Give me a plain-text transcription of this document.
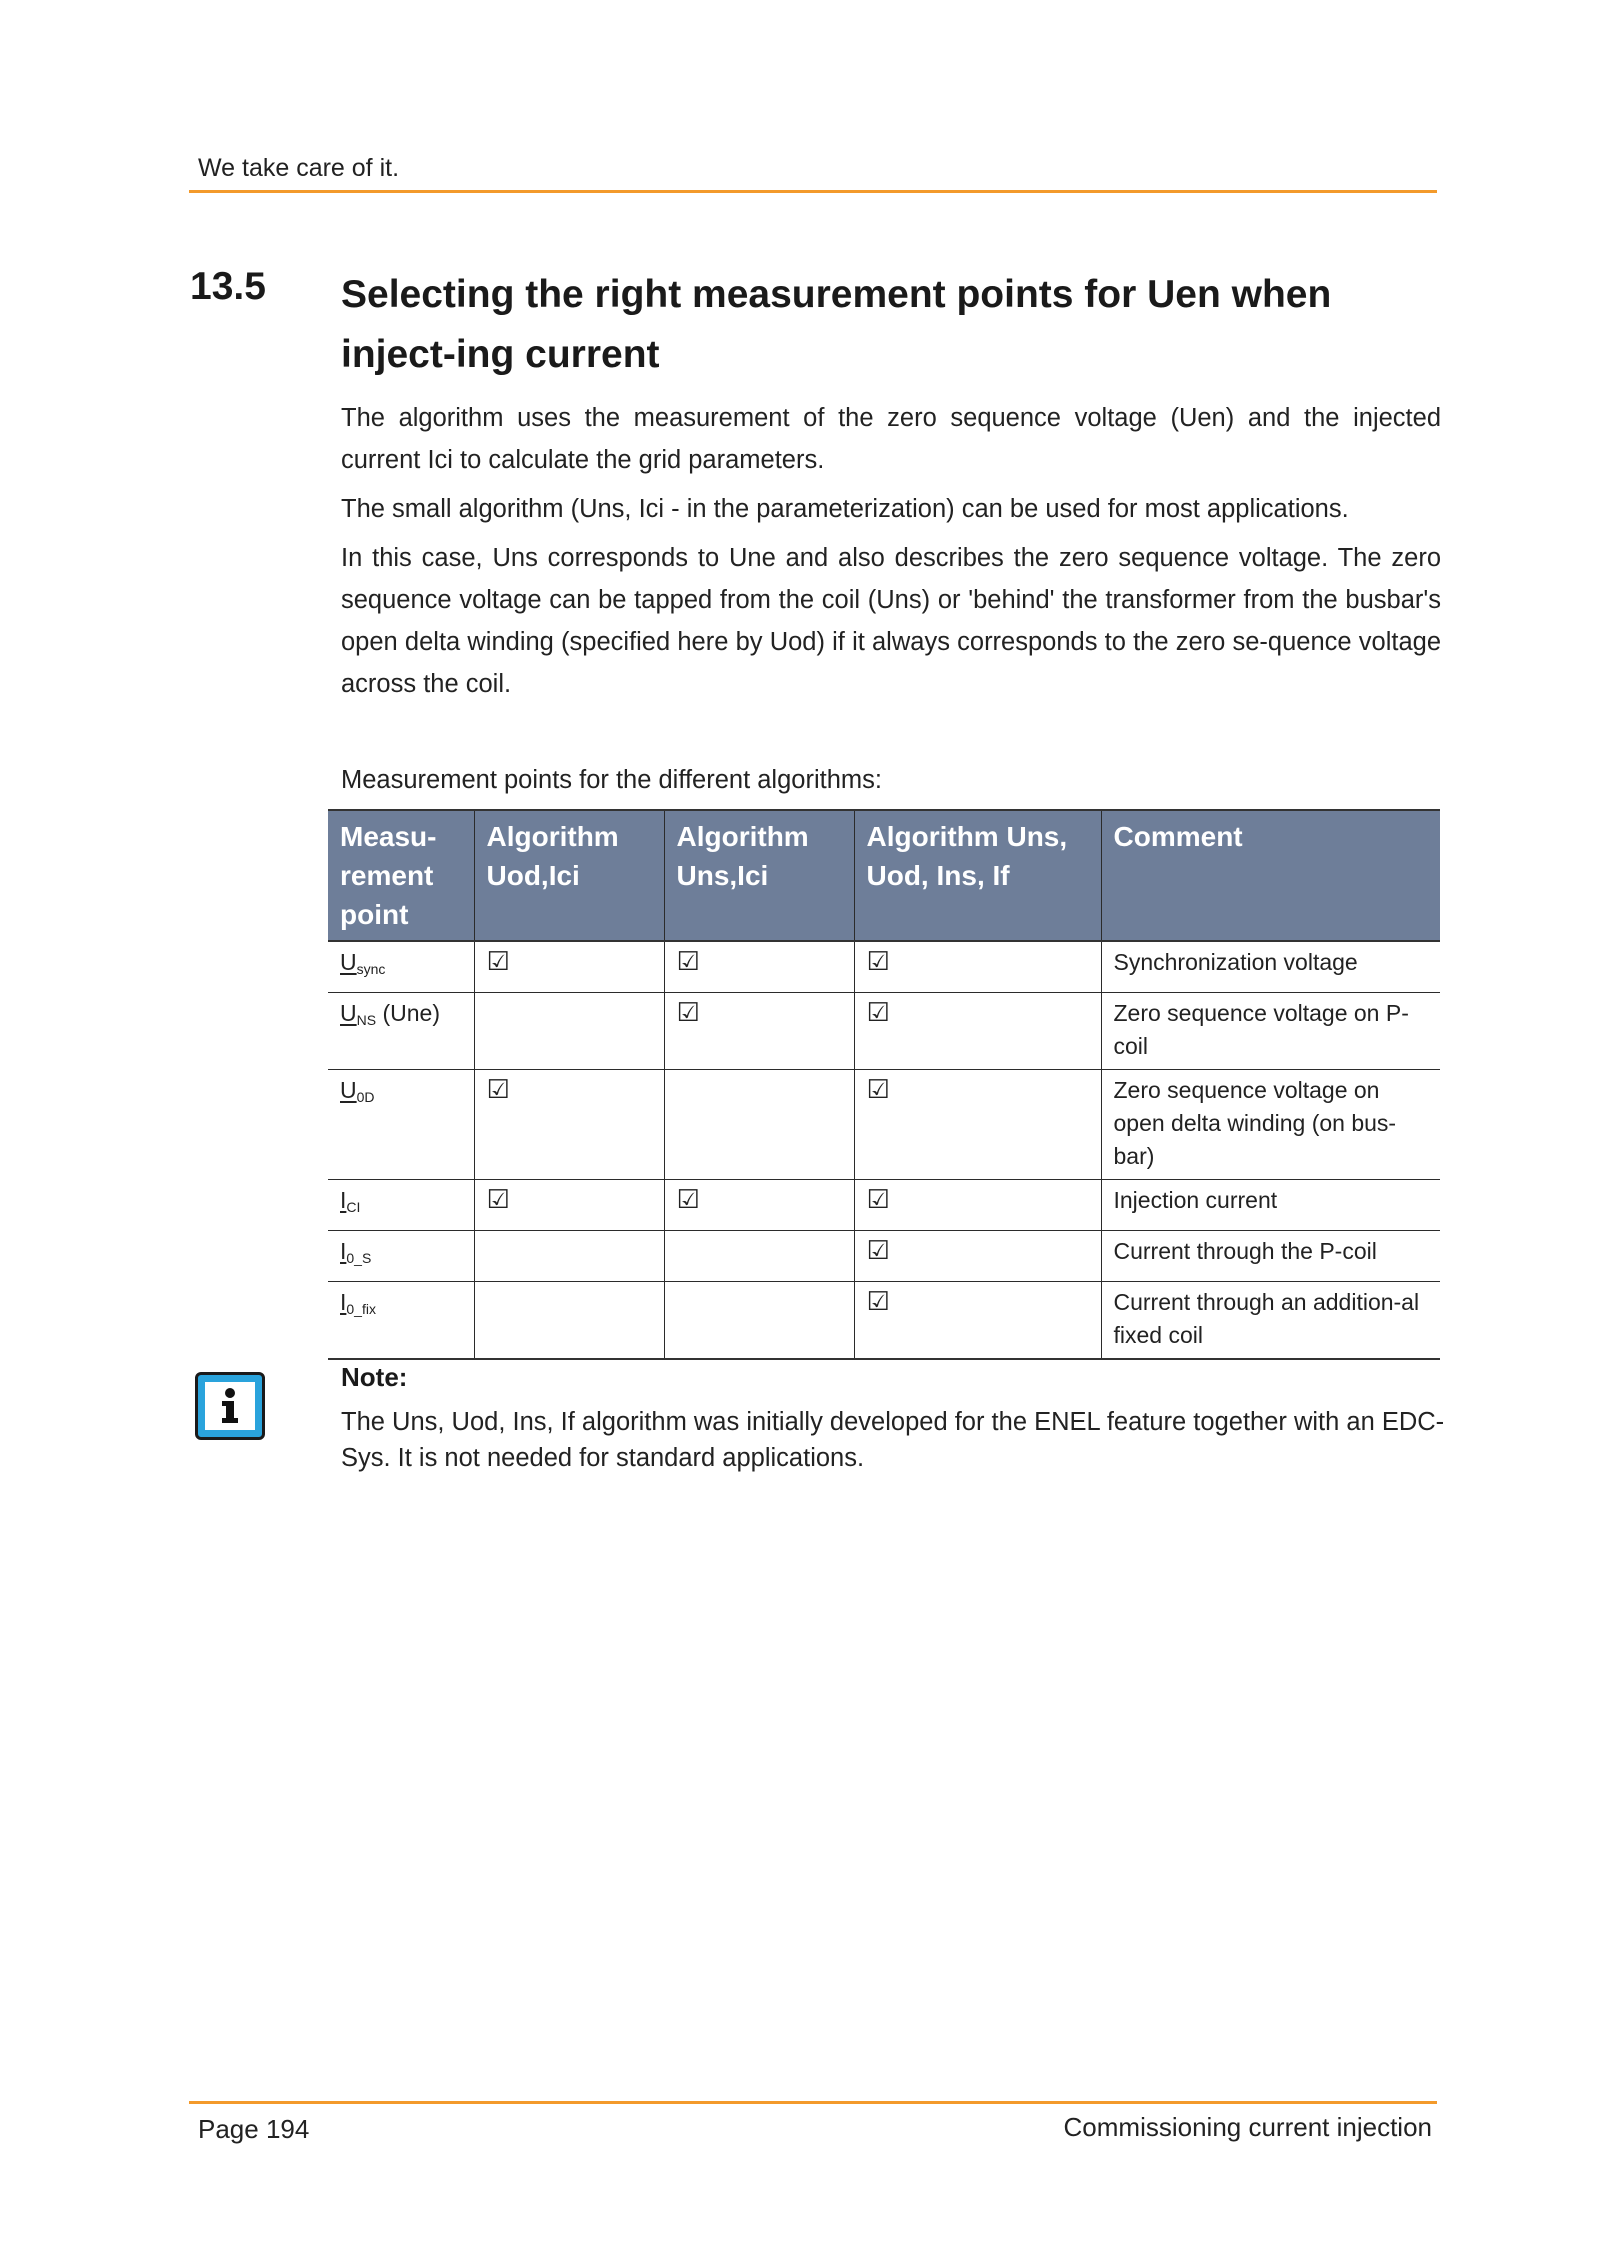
We take care of it.
13.5 Selecting the right measurement points for Uen when inject-ing current
The algorithm uses the measurement of the zero sequence voltage (Uen) and the injected current Ici to calculate the grid parameters.
The small algorithm (Uns, Ici - in the parameterization) can be used for most applications.
In this case, Uns corresponds to Une and also describes the zero sequence voltage. The zero sequence voltage can be tapped from the coil (Uns) or 'behind' the transformer from the busbar's open delta winding (specified here by Uod) if it always corresponds to the zero se-quence voltage across the coil.
Measurement points for the different algorithms:
Measu-rement point	Algorithm Uod,Ici	Algorithm Uns,Ici	Algorithm Uns, Uod, Ins, If	Comment
$U_{sync}$	☑	☑	☑	Synchronization voltage
$U_{NS}$ (Une)		☑	☑	Zero sequence voltage on P-coil
$U_{0D}$	☑		☑	Zero sequence voltage on open delta winding (on bus-bar)
$I_{CI}$	☑	☑	☑	Injection current
$I_{0\_S}$			☑	Current through the P-coil
$I_{0\_fix}$			☑	Current through an addition-al fixed coil
Note:
The Uns, Uod, Ins, If algorithm was initially developed for the ENEL feature together with an EDC-Sys. It is not needed for standard applications.
Page 194	Commissioning current injection
